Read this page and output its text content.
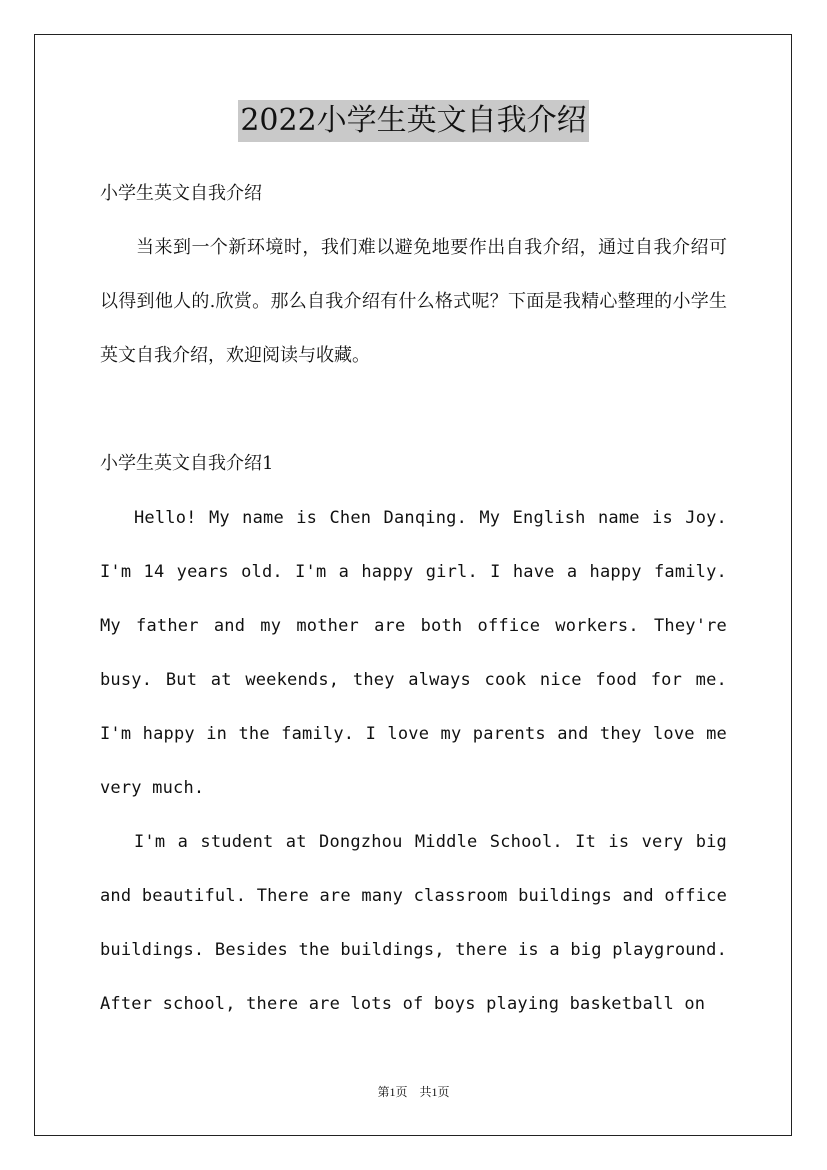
2022小学生英文自我介绍
小学生英文自我介绍

当来到一个新环境时，我们难以避免地要作出自我介绍，通过自我介绍可以得到他人的.欣赏。那么自我介绍有什么格式呢？下面是我精心整理的小学生英文自我介绍，欢迎阅读与收藏。

小学生英文自我介绍1

Hello! My name is Chen Danqing. My English name is Joy. I'm 14 years old. I'm a happy girl. I have a happy family. My father and my mother are both office workers. They're busy. But at weekends, they always cook nice food for me. I'm happy in the family. I love my parents and they love me very much.

I'm a student at Dongzhou Middle School. It is very big and beautiful. There are many classroom buildings and office buildings. Besides the buildings, there is a big playground. After school, there are lots of boys playing basketball on

第1页　共1页
